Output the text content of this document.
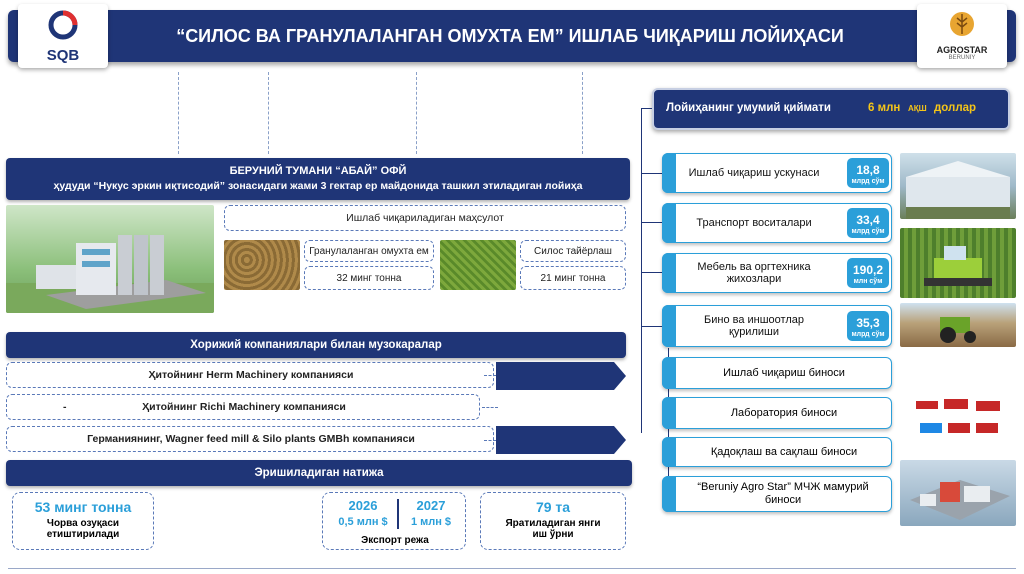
“СИЛОС ВА ГРАНУЛАЛАНГАН ОМУХТА ЕМ” ИШЛАБ ЧИҚАРИШ ЛОЙИҲАСИ
SQB	AGROSTAR
BERUNIY
БЕРУНИЙ ТУМАНИ “АБАЙ” ОФЙ
ҳудуди “Нукус эркин иқтисодий” зонасидаги жами 3 гектар ер майдонида ташкил этиладиган лойиҳа
Ишлаб чиқариладиган маҳсулот
Гранулаланган омухта ем
32 минг тонна
Силос тайёрлаш
21 минг тонна
Хорижий компаниялари билан музокаралар
Ҳитойнинг Herm Machinery компанияси
-	Ҳитойнинг Richi Machinery компанияси
Германиянинг, Wagner feed mill & Silo plants GMBh компанияси
Эришиладиган натижа
53 минг тонна
Чорва озуқаси етиштирилади
2026
0,5 млн $
2027
1 млн $
Экспорт режа
79 та
Яратиладиган янги иш ўрни
Лойиҳанинг умумий қиймати	6 млн АҚШ доллар
Ишлаб чиқариш ускунаси	18,8
млрд сўм
Транспорт воситалари	33,4
млрд сўм
Мебель ва оргтехника жихозлари
190,2
млн сўм
Бино ва иншоотлар қурилиши
35,3
млрд сўм
Ишлаб чиқариш биноси
Лаборатория биноси
Қадоқлаш ва сақлаш биноси
“Beruniy Agro Star” МЧЖ мамурий биноси
